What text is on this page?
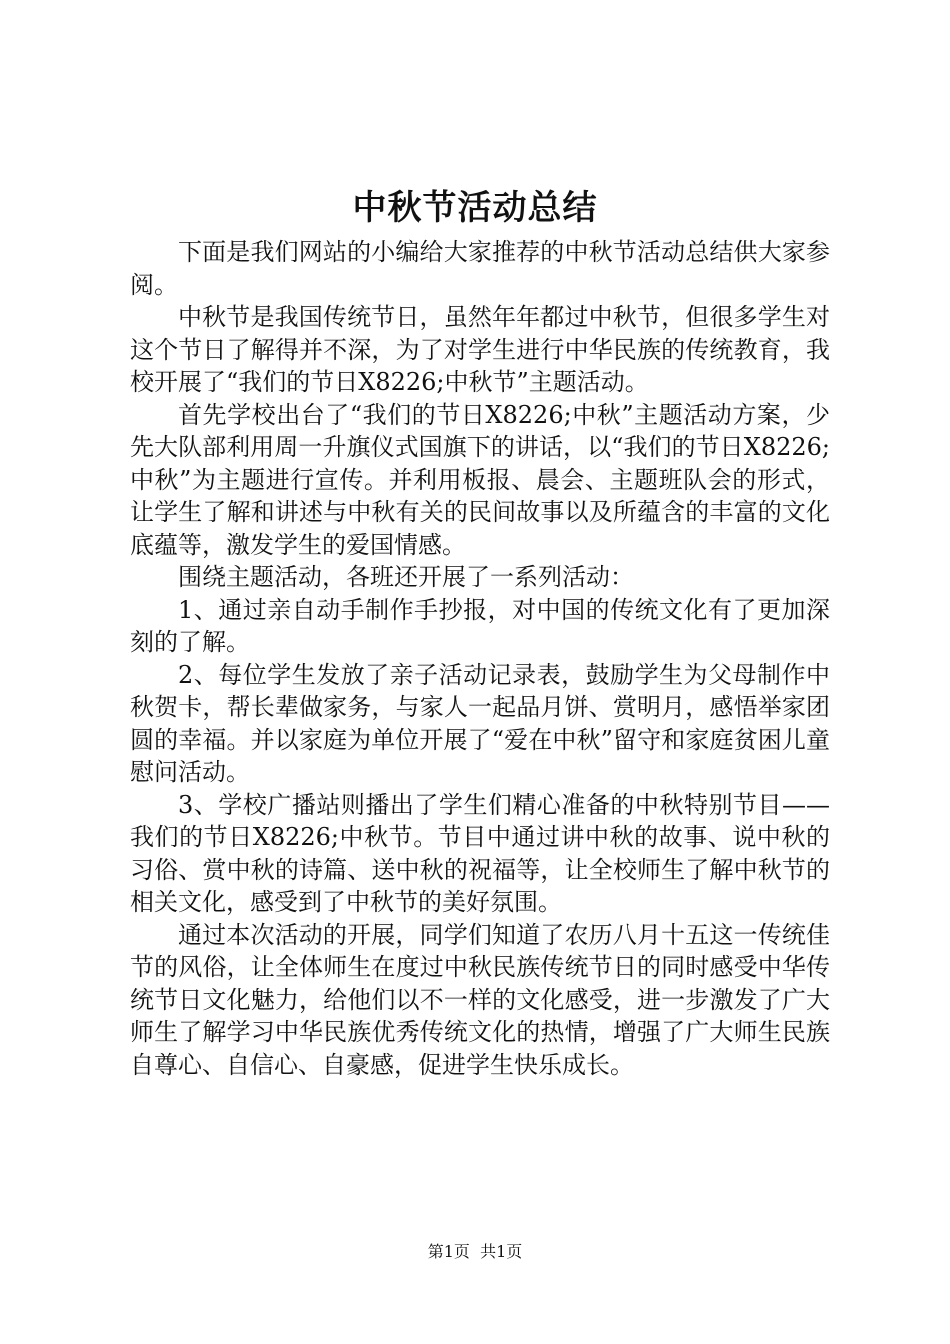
中秋节活动总结

下面是我们网站的小编给大家推荐的中秋节活动总结供大家参阅。

中秋节是我国传统节日，虽然年年都过中秋节，但很多学生对这个节日了解得并不深，为了对学生进行中华民族的传统教育，我校开展了“我们的节日X8226;中秋节”主题活动。

首先学校出台了“我们的节日X8226;中秋”主题活动方案，少先大队部利用周一升旗仪式国旗下的讲话，以“我们的节日X8226;中秋”为主题进行宣传。并利用板报、晨会、主题班队会的形式，让学生了解和讲述与中秋有关的民间故事以及所蕴含的丰富的文化底蕴等，激发学生的爱国情感。

围绕主题活动，各班还开展了一系列活动：

1、通过亲自动手制作手抄报，对中国的传统文化有了更加深刻的了解。

2、每位学生发放了亲子活动记录表，鼓励学生为父母制作中秋贺卡，帮长辈做家务，与家人一起品月饼、赏明月，感悟举家团圆的幸福。并以家庭为单位开展了“爱在中秋”留守和家庭贫困儿童慰问活动。

3、学校广播站则播出了学生们精心准备的中秋特别节目——我们的节日X8226;中秋节。节目中通过讲中秋的故事、说中秋的习俗、赏中秋的诗篇、送中秋的祝福等，让全校师生了解中秋节的相关文化，感受到了中秋节的美好氛围。

通过本次活动的开展，同学们知道了农历八月十五这一传统佳节的风俗，让全体师生在度过中秋民族传统节日的同时感受中华传统节日文化魅力，给他们以不一样的文化感受，进一步激发了广大师生了解学习中华民族优秀传统文化的热情，增强了广大师生民族自尊心、自信心、自豪感，促进学生快乐成长。

第1页 共1页
